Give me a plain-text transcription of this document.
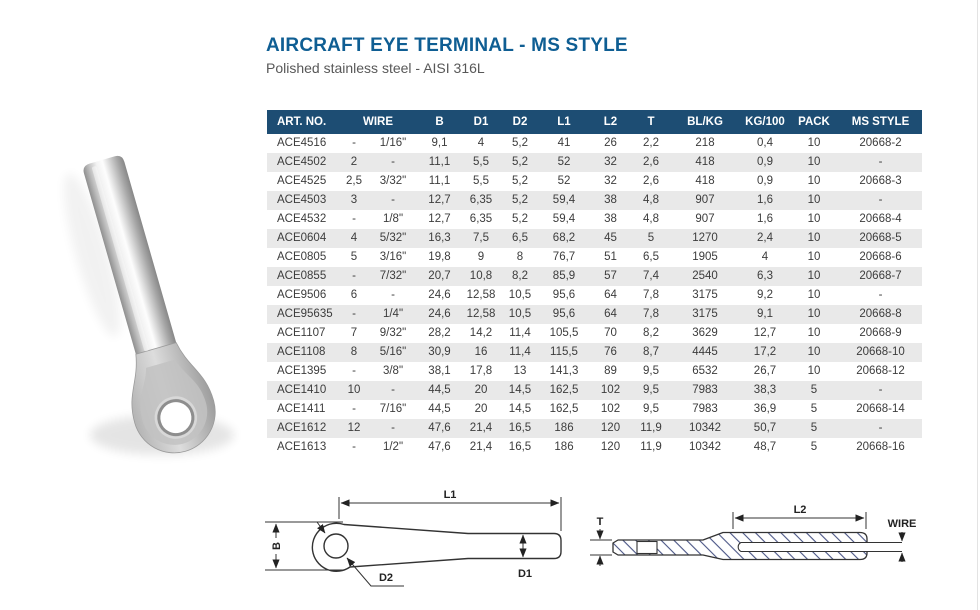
AIRCRAFT EYE TERMINAL - MS STYLE
Polished stainless steel - AISI 316L
ART. NO.	WIRE		B	D1	D2	L1	L2	T	BL/KG	KG/100	PACK	MS STYLE
ACE4516	-	1/16"	9,1	4	5,2	41	26	2,2	218	0,4	10	20668-2
ACE4502	2	-	11,1	5,5	5,2	52	32	2,6	418	0,9	10	-
ACE4525	2,5	3/32"	11,1	5,5	5,2	52	32	2,6	418	0,9	10	20668-3
ACE4503	3	-	12,7	6,35	5,2	59,4	38	4,8	907	1,6	10	-
ACE4532	-	1/8"	12,7	6,35	5,2	59,4	38	4,8	907	1,6	10	20668-4
ACE0604	4	5/32"	16,3	7,5	6,5	68,2	45	5	1270	2,4	10	20668-5
ACE0805	5	3/16"	19,8	9	8	76,7	51	6,5	1905	4	10	20668-6
ACE0855	-	7/32"	20,7	10,8	8,2	85,9	57	7,4	2540	6,3	10	20668-7
ACE9506	6	-	24,6	12,58	10,5	95,6	64	7,8	3175	9,2	10	-
ACE95635	-	1/4"	24,6	12,58	10,5	95,6	64	7,8	3175	9,1	10	20668-8
ACE1107	7	9/32"	28,2	14,2	11,4	105,5	70	8,2	3629	12,7	10	20668-9
ACE1108	8	5/16"	30,9	16	11,4	115,5	76	8,7	4445	17,2	10	20668-10
ACE1395	-	3/8"	38,1	17,8	13	141,3	89	9,5	6532	26,7	10	20668-12
ACE1410	10	-	44,5	20	14,5	162,5	102	9,5	7983	38,3	5	-
ACE1411	-	7/16"	44,5	20	14,5	162,5	102	9,5	7983	36,9	5	20668-14
ACE1612	12	-	47,6	21,4	16,5	186	120	11,9	10342	50,7	5	-
ACE1613	-	1/2"	47,6	21,4	16,5	186	120	11,9	10342	48,7	5	20668-16
L1
B
D2	D1
L2
T	WIRE
